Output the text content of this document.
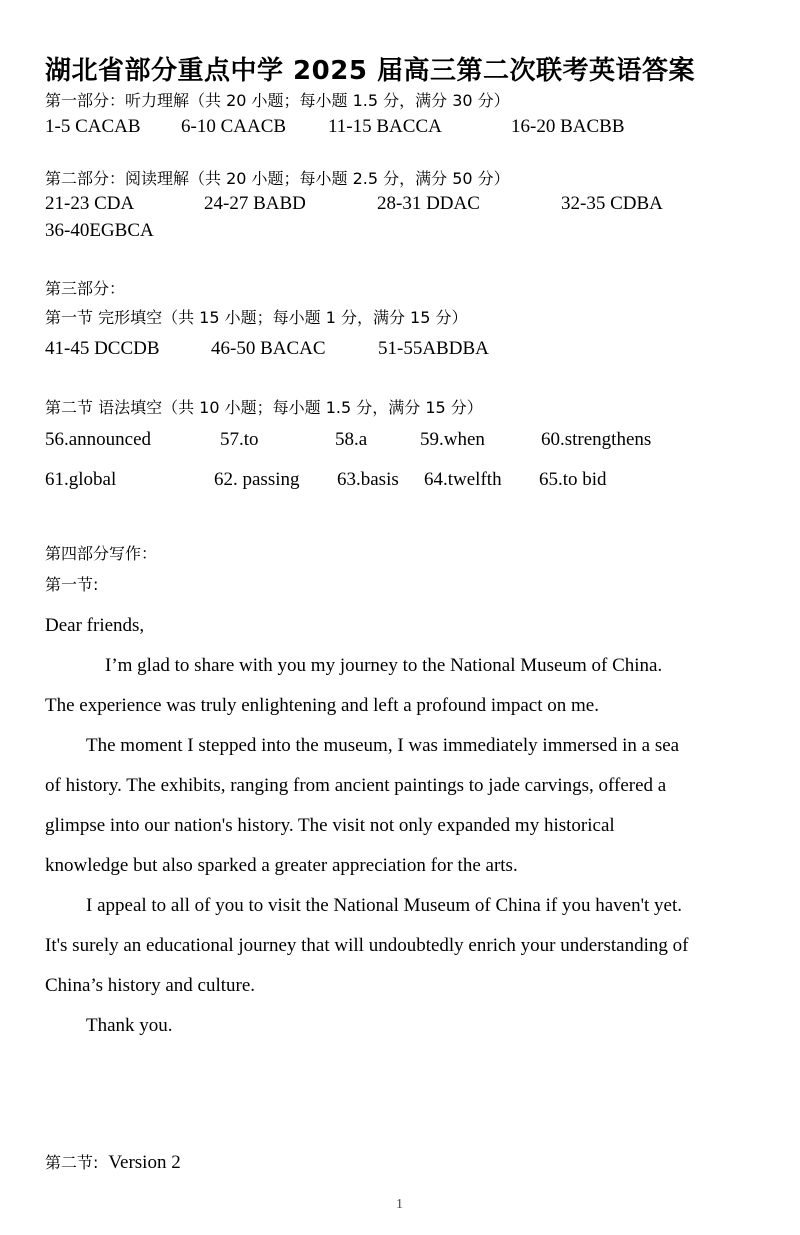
湖北省部分重点中学 2025 届高三第二次联考英语答案
第一部分：听力理解（共 20 小题；每小题 1.5 分，满分 30 分）
1-5 CACAB 6-10 CAACB 11-15 BACCA	16-20 BACBB
第二部分：阅读理解（共 20 小题；每小题 2.5 分，满分 50 分）
21-23 CDA	24-27 BABD	28-31 DDAC	32-35 CDBA
36-40EGBCA
第三部分：
第一节 完形填空（共 15 小题；每小题 1 分，满分 15 分）
41-45 DCCDB	46-50 BACAC	51-55ABDBA
第二节 语法填空（共 10 小题；每小题 1.5 分，满分 15 分）
56.announced	57.to	58.a	59.when	60.strengthens
61.global	62. passing 63.basis 64.twelfth 65.to bid
第四部分写作：
第一节:
Dear friends,
I’m glad to share with you my journey to the National Museum of China.
The experience was truly enlightening and left a profound impact on me.
The moment I stepped into the museum, I was immediately immersed in a sea
of history. The exhibits, ranging from ancient paintings to jade carvings, offered a
glimpse into our nation's history. The visit not only expanded my historical
knowledge but also sparked a greater appreciation for the arts.
I appeal to all of you to visit the National Museum of China if you haven't yet.
It's surely an educational journey that will undoubtedly enrich your understanding of
China’s history and culture.
Thank you.
第二节: Version 2
1
